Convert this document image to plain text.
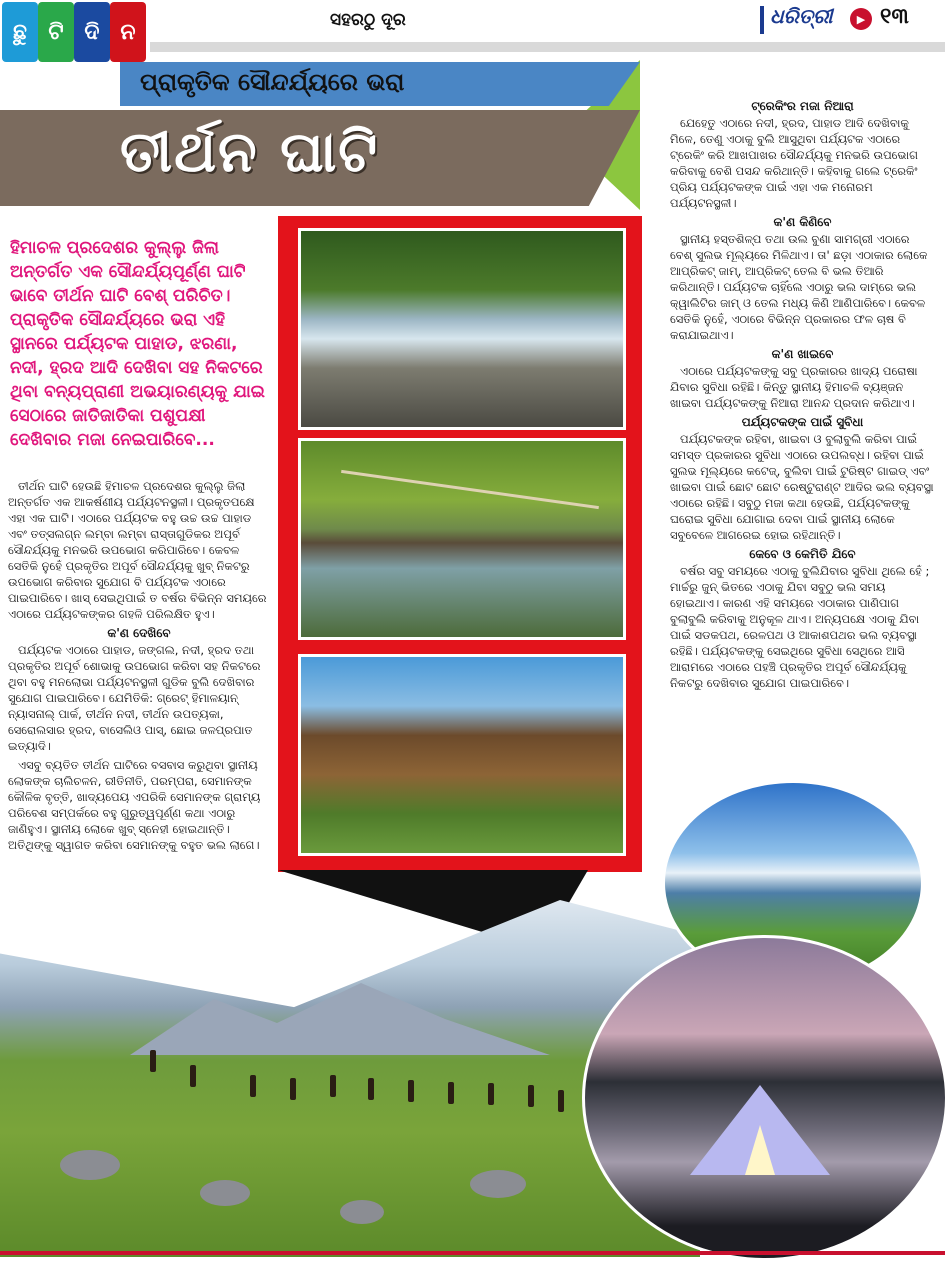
ଛୁ ଟି ଦି ନ	ସହରଠୁ ଦୂର	ଧରିତ୍ରୀ	▶ ୧୩
ପ୍ରାକୃତିକ ସୌନ୍ଦର୍ଯ୍ୟରେ ଭରା
ତୀର୍ଥନ ଘାଟି
ହିମାଚଳ ପ୍ରଦେଶର କୁଲ୍ଲୁ ଜିଲା ଅନ୍ତର୍ଗତ ଏକ ସୌନ୍ଦର୍ଯ୍ୟପୂର୍ଣ୍ଣ ଘାଟି ଭାବେ ତୀର୍ଥନ ଘାଟି ବେଶ୍ ପରିଚିତ। ପ୍ରାକୃତିକ ସୌନ୍ଦର୍ଯ୍ୟରେ ଭରା ଏହି ସ୍ଥାନରେ ପର୍ଯ୍ୟଟକ ପାହାଡ, ଝରଣା, ନଦୀ, ହ୍ରଦ ଆଦି ଦେଖିବା ସହ ନିକଟରେ ଥିବା ବନ୍ୟପ୍ରାଣୀ ଅଭୟାରଣ୍ୟକୁ ଯାଇ ସେଠାରେ ଜାତିଜାତିକା ପଶୁପକ୍ଷୀ ଦେଖିବାର ମଜା ନେଇପାରିବେ...

ତୀର୍ଥନ ଘାଟି ହେଉଛି ହିମାଚଳ ପ୍ରଦେଶର କୁଲ୍ଲୁ ଜିଲା ଅନ୍ତର୍ଗତ ଏକ ଆକର୍ଷଣୀୟ ପର୍ଯ୍ୟଟନସ୍ଥଳୀ। ପ୍ରକୃତପକ୍ଷେ ଏହା ଏକ ଘାଟି। ଏଠାରେ ପର୍ଯ୍ୟଟକ ବହୁ ଉଚ୍ଚ ଉଚ୍ଚ ପାହାଡ ଏବଂ ତତ୍ସଲଗ୍ନ ଲମ୍ବା ଲମ୍ବା ରାସ୍ତାଗୁଡିକର ଅପୂର୍ବ ସୌନ୍ଦର୍ଯ୍ୟକୁ ମନଭରି ଉପଭୋଗ କରିପାରିବେ। କେବଳ ସେତିକି ନୁହେଁ ପ୍ରକୃତିର ଅପୂର୍ବ ସୌନ୍ଦର୍ଯ୍ୟକୁ ଖୁବ୍ ନିକଟରୁ ଉପଭୋଗ କରିବାର ସୁଯୋଗ ବି ପର୍ଯ୍ୟଟକ ଏଠାରେ ପାଇପାରିବେ। ଖାସ୍ ସେଇଥିପାଇଁ ତ ବର୍ଷର ବିଭିନ୍ନ ସମୟରେ ଏଠାରେ ପର୍ଯ୍ୟଟକଙ୍କର ଗହଳି ପରିଲକ୍ଷିତ ହୁଏ।

କ'ଣ ଦେଖିବେ

ପର୍ଯ୍ୟଟକ ଏଠାରେ ପାହାଡ, ଜଙ୍ଗଲ, ନଦୀ, ହ୍ରଦ ତଥା ପ୍ରକୃତିର ଅପୂର୍ବ ଶୋଭାକୁ ଉପଭୋଗ କରିବା ସହ ନିକଟରେ ଥିବା ବହୁ ମନଲୋଭା ପର୍ଯ୍ୟଟନସ୍ଥଳୀ ଗୁଡିକ ବୁଲି ଦେଖିବାର ସୁଯୋଗ ପାଇପାରିବେ। ଯେମିତିକି: ଗ୍ରେଟ୍ ହିମାଳୟାନ୍ ନ୍ୟାସନାଲ୍ ପାର୍କ, ତୀର୍ଥନ ନଦୀ, ତୀର୍ଥନ ଉପତ୍ୟକା, ସେରୋଲସାର ହ୍ରଦ, ବାସେଲିଓ ପାସ୍, ଛୋଇ ଜଳପ୍ରପାତ ଇତ୍ୟାଦି।

ଏସବୁ ବ୍ୟତିତ ତୀର୍ଥନ ଘାଟିରେ ବସବାସ କରୁଥିବା ସ୍ଥାନୀୟ ଲୋକଙ୍କ ଚାଲିଚଳନ, ରୀତିନୀତି, ପରମ୍ପରା, ସେମାନଙ୍କ କୌଳିକ ବୃତ୍ତି, ଖାଦ୍ୟପେୟ ଏପରିକି ସେମାନଙ୍କ ଗ୍ରାମ୍ୟ ପରିବେଶ ସମ୍ପର୍କରେ ବହୁ ଗୁରୁତ୍ୱପୂର୍ଣ୍ଣ କଥା ଏଠାରୁ ଜାଣିହୁଏ। ସ୍ଥାନୀୟ ଲୋକେ ଖୁବ୍ ସ୍ନେହୀ ହୋଇଥାନ୍ତି। ଅତିଥିଙ୍କୁ ସ୍ୱାଗତ କରିବା ସେମାନଙ୍କୁ ବହୁତ ଭଲ ଲାଗେ।

ଟ୍ରେକିଂର ମଜା ନିଆରା

ଯେହେତୁ ଏଠାରେ ନଦୀ, ହ୍ରଦ, ପାହାଡ ଆଦି ଦେଖିବାକୁ ମିଳେ, ତେଣୁ ଏଠାକୁ ବୁଲି ଆସୁଥିବା ପର୍ଯ୍ୟଟକ ଏଠାରେ ଟ୍ରେକିଂ କରି ଆଖପାଖର ସୌନ୍ଦର୍ଯ୍ୟକୁ ମନଭରି ଉପଭୋଗ କରିବାକୁ ବେଶି ପସନ୍ଦ କରିଥାନ୍ତି। କହିବାକୁ ଗଲେ ଟ୍ରେକିଂ ପ୍ରିୟ ପର୍ଯ୍ୟଟକଙ୍କ ପାଇଁ ଏହା ଏକ ମନୋରମ ପର୍ଯ୍ୟଟନସ୍ଥଳୀ।

କ'ଣ କିଣିବେ

ସ୍ଥାନୀୟ ହସ୍ତଶିଳ୍ପ ତଥା ଉଲ ବୁଣା ସାମଗ୍ରୀ ଏଠାରେ ବେଶ୍ ସୁଲଭ ମୂଲ୍ୟରେ ମିଳିଥାଏ। ତା' ଛଡ଼ା ଏଠାକାର ଲୋକେ ଆପ୍ରିକଟ୍ ଜାମ୍, ଆପ୍ରିକଟ୍ ତେଲ ବି ଭଲ ତିଆରି କରିଥାନ୍ତି। ପର୍ଯ୍ୟଟକ ଚାହିଁଲେ ଏଠାରୁ ଭଲ ଦାମ୍‌ରେ ଭଲ କ୍ୱାଲିଟିର ଜାମ୍ ଓ ତେଲ ମଧ୍ୟ କିଣି ଆଣିପାରିବେ। କେବଳ ସେତିକି ନୁହେଁ, ଏଠାରେ ବିଭିନ୍ନ ପ୍ରକାରର ଫଳ ଚାଷ ବି କରାଯାଇଥାଏ।

କ'ଣ ଖାଇବେ

ଏଠାରେ ପର୍ଯ୍ୟଟକଙ୍କୁ ସବୁ ପ୍ରକାରର ଖାଦ୍ୟ ପରୋଷା ଯିବାର ସୁବିଧା ରହିଛି। କିନ୍ତୁ ସ୍ଥାନୀୟ ହିମାଚଳି ବ୍ୟଞ୍ଜନ ଖାଇବା ପର୍ଯ୍ୟଟକଙ୍କୁ ନିଆରା ଆନନ୍ଦ ପ୍ରଦାନ କରିଥାଏ।

ପର୍ଯ୍ୟଟକଙ୍କ ପାଇଁ ସୁବିଧା

ପର୍ଯ୍ୟଟକଙ୍କ ରହିବା, ଖାଇବା ଓ ବୁଲାବୁଲି କରିବା ପାଇଁ ସମସ୍ତ ପ୍ରକାରର ସୁବିଧା ଏଠାରେ ଉପଲବ୍ଧ। ରହିବା ପାଇଁ ସୁଲଭ ମୂଲ୍ୟରେ କଟେଜ୍, ବୁଲିବା ପାଇଁ ଟୁରିଷ୍ଟ ଗାଇଡ୍ ଏବଂ ଖାଇବା ପାଇଁ ଛୋଟ ଛୋଟ ରେଷ୍ଟୁରାଣ୍ଟ ଆଦିର ଭଲ ବ୍ୟବସ୍ଥା ଏଠାରେ ରହିଛି। ସବୁଠୁ ମଜା କଥା ହେଉଛି, ପର୍ଯ୍ୟଟକଙ୍କୁ ଘରୋଇ ସୁବିଧା ଯୋଗାଇ ଦେବା ପାଇଁ ସ୍ଥାନୀୟ ଲୋକେ ସବୁବେଳେ ଆଗରେଇ ହୋଇ ରହିଥାନ୍ତି।

କେବେ ଓ କେମିତି ଯିବେ

ବର୍ଷର ସବୁ ସମୟରେ ଏଠାକୁ ବୁଲିଯିବାର ସୁବିଧା ଥିଲେ ହେଁ ; ମାର୍ଚ୍ଚରୁ ଜୁନ୍ ଭିତରେ ଏଠାକୁ ଯିବା ସବୁଠୁ ଭଲ ସମୟ ହୋଇଥାଏ। କାରଣ ଏହି ସମୟରେ ଏଠାକାର ପାଣିପାଗ ବୁଲାବୁଲି କରିବାକୁ ଅନୁକୂଳ ଥାଏ। ଅନ୍ୟପକ୍ଷେ ଏଠାକୁ ଯିବା ପାଇଁ ସଡକପଥ, ରେଳପଥ ଓ ଆକାଶପଥର ଭଲ ବ୍ୟବସ୍ଥା ରହିଛି। ପର୍ଯ୍ୟଟକଙ୍କୁ ସେଇଥିରେ ସୁବିଧା ସେଥିରେ ଆସି ଆରାମରେ ଏଠାରେ ପହଞ୍ଚି ପ୍ରକୃତିର ଅପୂର୍ବ ସୌନ୍ଦର୍ଯ୍ୟକୁ ନିକଟରୁ ଦେଖିବାର ସୁଯୋଗ ପାଇପାରିବେ।
